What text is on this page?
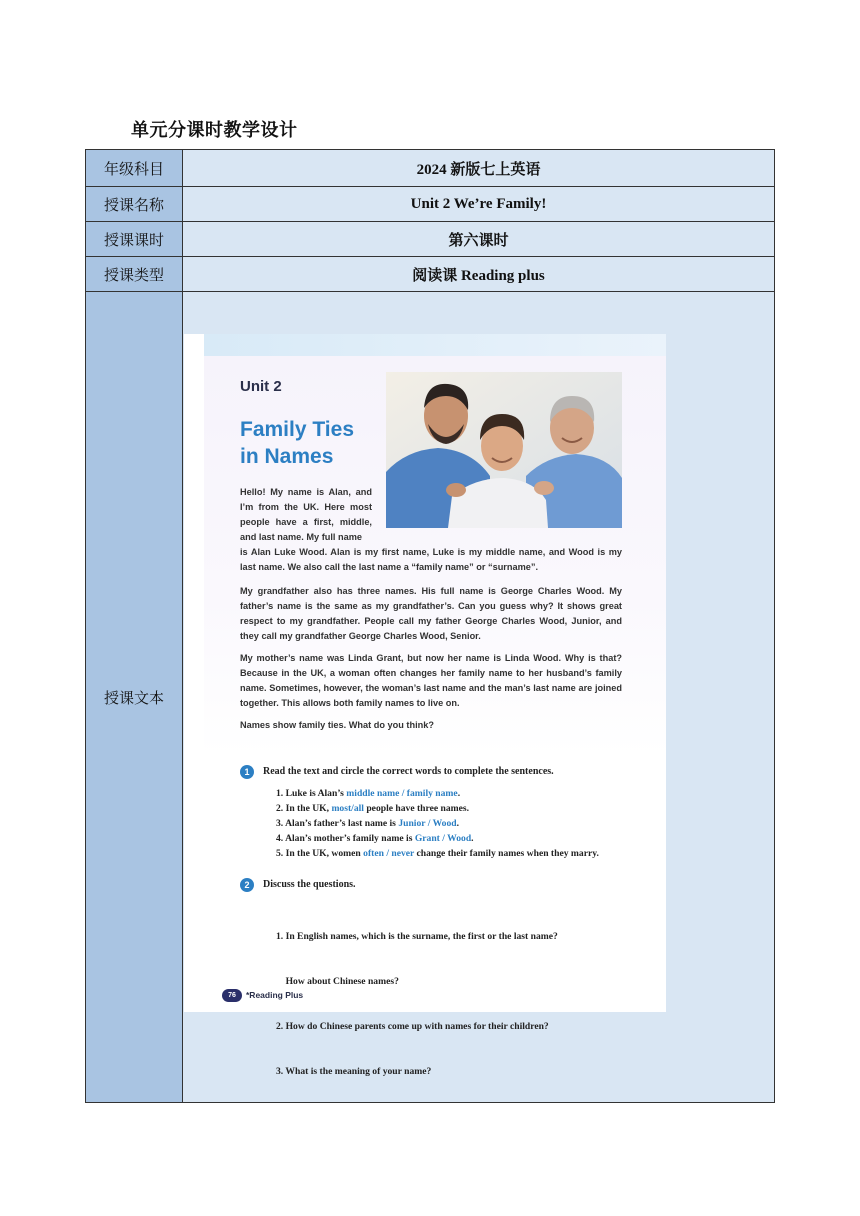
单元分课时教学设计
年级科目	2024 新版七上英语
授课名称	Unit 2 We’re Family!
授课课时	第六课时
授课类型	阅读课 Reading plus
授课文本
Unit 2
Family Ties
in Names
Hello! My name is Alan, and I’m from the UK. Here most people have a first, middle, and last name. My full name
is Alan Luke Wood. Alan is my first name, Luke is my middle name, and Wood is my last name. We also call the last name a “family name” or “surname”.
My grandfather also has three names. His full name is George Charles Wood. My father’s name is the same as my grandfather’s. Can you guess why? It shows great respect to my grandfather. People call my father George Charles Wood, Junior, and they call my grandfather George Charles Wood, Senior.
My mother’s name was Linda Grant, but now her name is Linda Wood. Why is that? Because in the UK, a woman often changes her family name to her husband’s family name. Sometimes, however, the woman’s last name and the man’s last name are joined together. This allows both family names to live on.
Names show family ties. What do you think?
1	Read the text and circle the correct words to complete the sentences.
1. Luke is Alan’s middle name / family name.
2. In the UK, most/all people have three names.
3. Alan’s father’s last name is Junior / Wood.
4. Alan’s mother’s family name is Grant / Wood.
5. In the UK, women often / never change their family names when they marry.
2	Discuss the questions.

1. In English names, which is the surname, the first or the last name?

How about Chinese names?

2. How do Chinese parents come up with names for their children?

3. What is the meaning of your name?

76	*Reading Plus
